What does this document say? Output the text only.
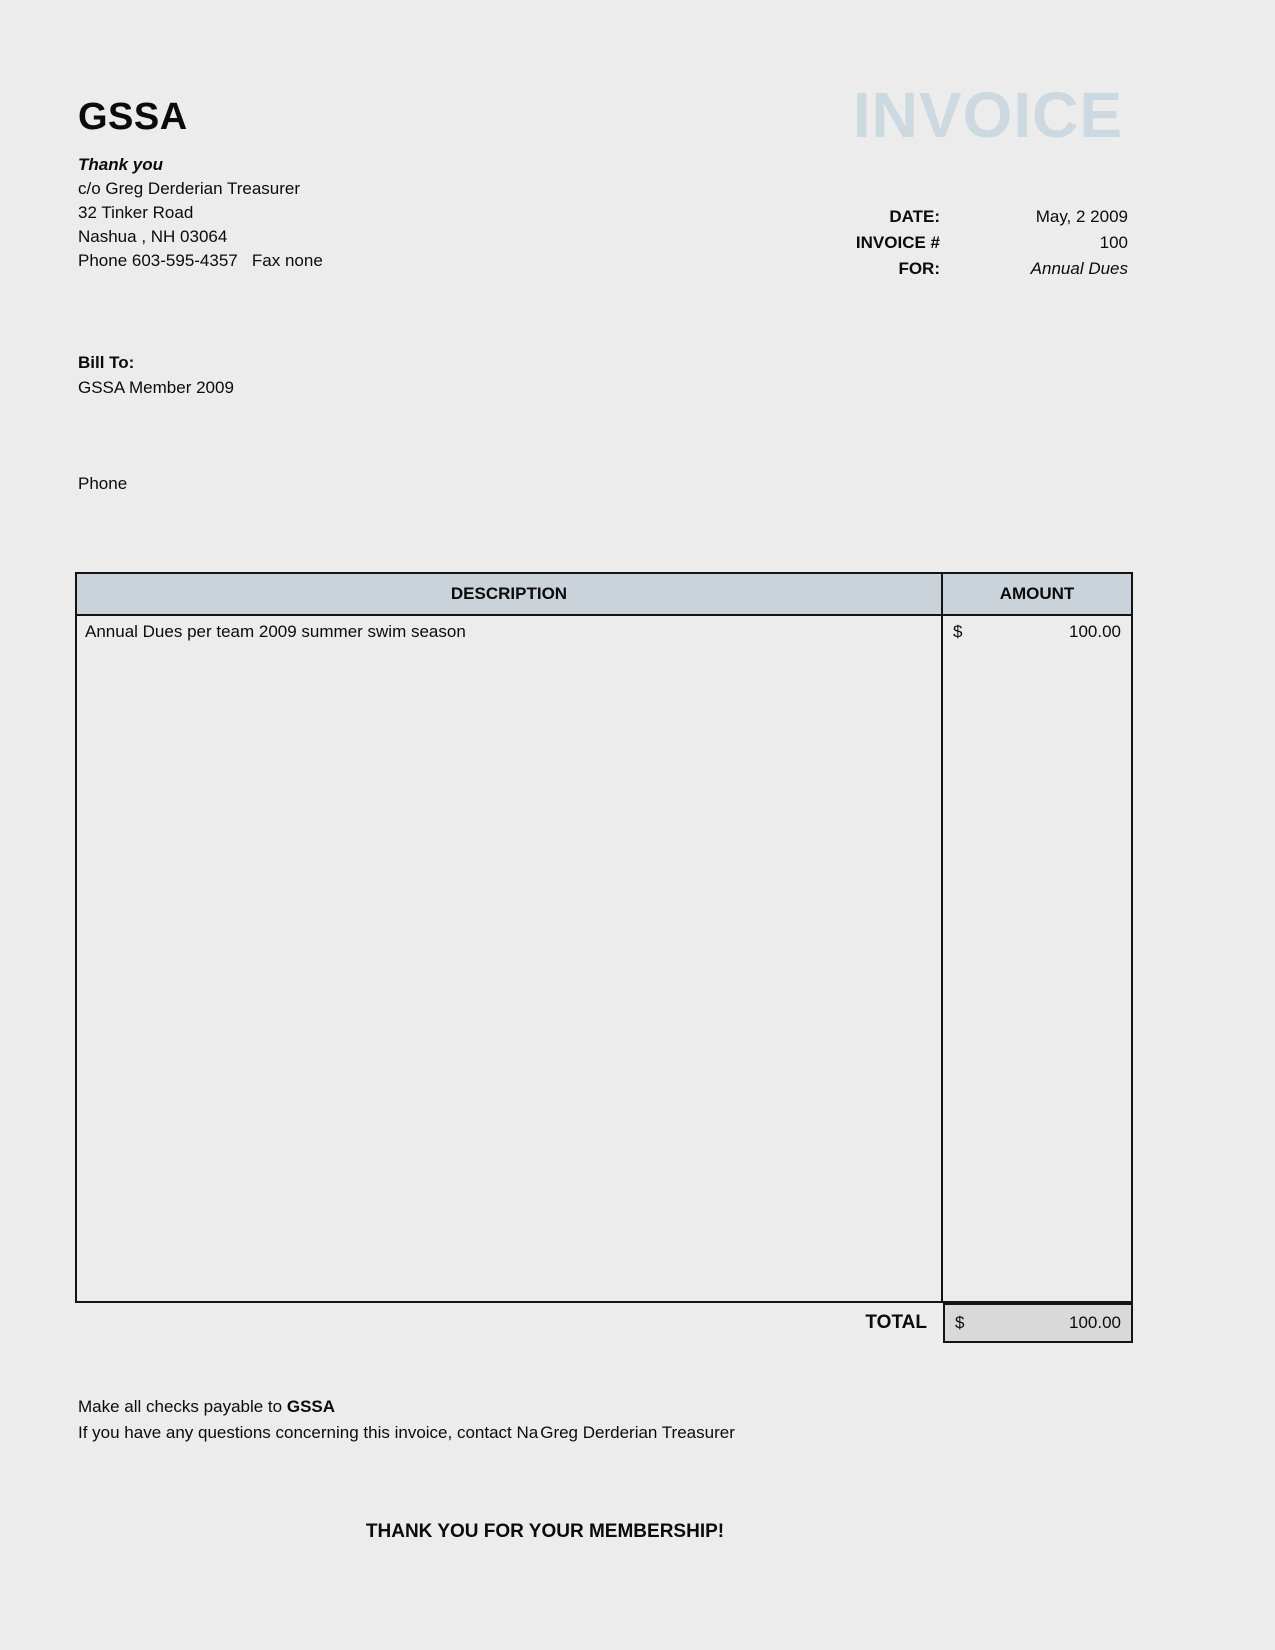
GSSA
Thank you
c/o Greg Derderian Treasurer
32 Tinker Road
Nashua , NH 03064
Phone 603-595-4357   Fax none
INVOICE
DATE:	May, 2 2009
INVOICE #	100
FOR:	Annual Dues
Bill To:
GSSA Member 2009
Phone
DESCRIPTION	AMOUNT
Annual Dues per team 2009 summer swim season	$	100.00
TOTAL	$	100.00
Make all checks payable to GSSA
If you have any questions concerning this invoice, contact Na Greg Derderian Treasurer
THANK YOU FOR YOUR MEMBERSHIP!
